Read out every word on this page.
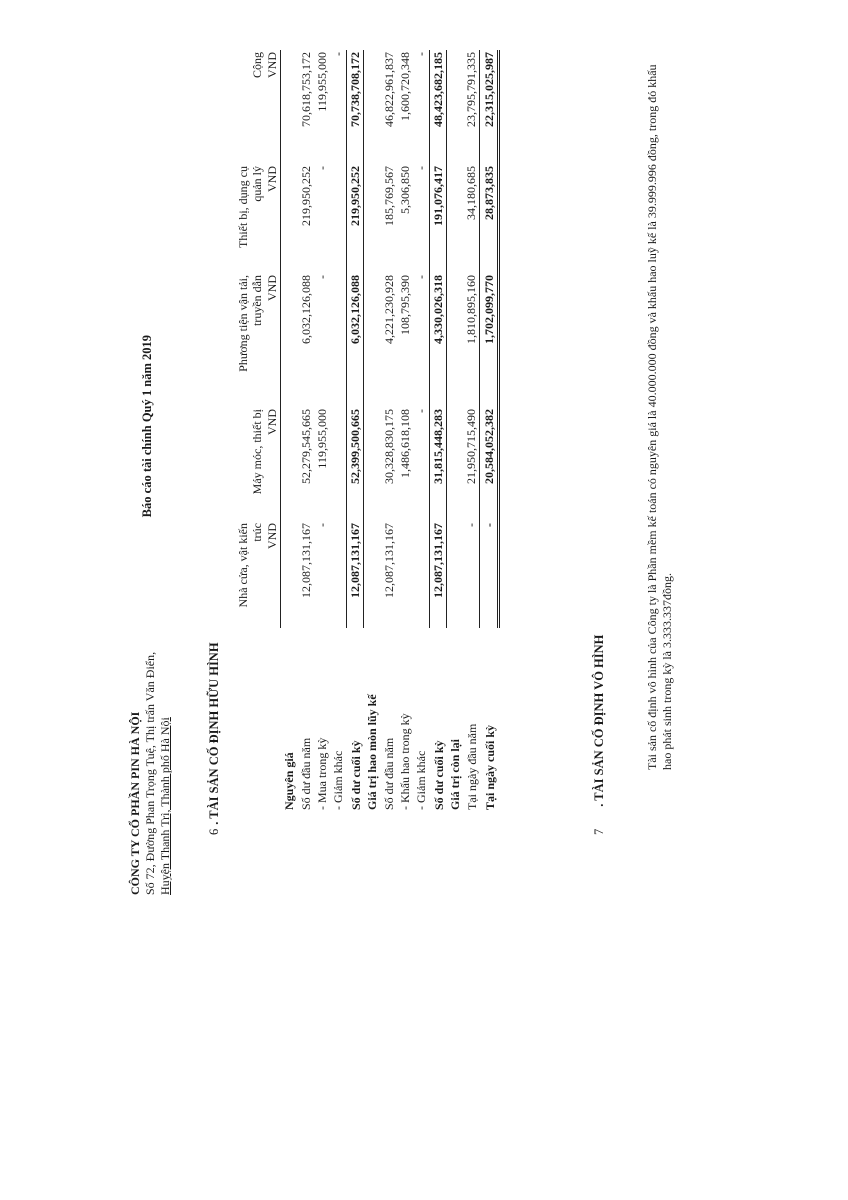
CÔNG TY CỔ PHẦN PIN HÀ NỘI Số 72, Đường Phan Trọng Tuệ, Thị trấn Văn Điển, Huyện Thanh Trì, Thành phố Hà Nội
Báo cáo tài chính Quý 1 năm 2019
6 . TÀI SẢN CỐ ĐỊNH HỮU HÌNH
	Nhà cửa, vật kiến trúc	Máy móc, thiết bị	Phương tiện vận tải, truyền dẫn	Thiết bị, dụng cụ quản lý	Cộng
	VND	VND	VND	VND	VND
Nguyên giá					
Số dư đầu năm	12,087,131,167	52,279,545,665	6,032,126,088	219,950,252	70,618,753,172
- Mua trong kỳ	-	119,955,000	-	-	119,955,000
- Giảm khác					-
Số dư cuối kỳ	12,087,131,167	52,399,500,665	6,032,126,088	219,950,252	70,738,708,172
Giá trị hao mòn lũy kế					
Số dư đầu năm	12,087,131,167	30,328,830,175	4,221,230,928	185,769,567	46,822,961,837
- Khấu hao trong kỳ		1,486,618,108	108,795,390	5,306,850	1,600,720,348
- Giảm khác		-	-	-	-
Số dư cuối kỳ	12,087,131,167	31,815,448,283	4,330,026,318	191,076,417	48,423,682,185
Giá trị còn lại					
Tại ngày đầu năm	-	21,950,715,490	1,810,895,160	34,180,685	23,795,791,335
Tại ngày cuối kỳ	-	20,584,052,382	1,702,099,770	28,873,835	22,315,025,987
7 . TÀI SẢN CỐ ĐỊNH VÔ HÌNH	Tài sản cố định vô hình của Công ty là Phần mềm kế toán có nguyên giá là 40.000.000 đồng và khấu hao luỹ kế là 39.999.996 đồng, trong đó khấu hao phát sinh trong kỳ là 3.333.337đồng.
